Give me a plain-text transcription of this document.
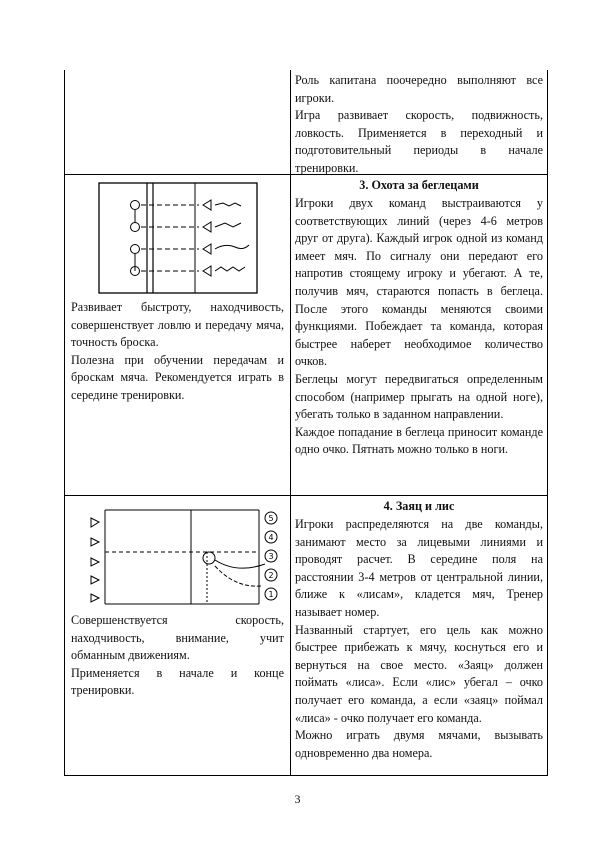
Роль капитана поочередно выполняют все игроки.

Игра развивает скорость, подвижность, ловкость. Применяется в переходный и подготовительный периоды в начале тренировки.

Развивает быстроту, находчивость, совершенствует ловлю и передачу мяча, точность броска.

Полезна при обучении передачам и броскам мяча. Рекомендуется играть в середине тренировки.

3. Охота за беглецами

Игроки двух команд выстраиваются у соответствующих линий (через 4-6 метров друг от друга). Каждый игрок одной из команд имеет мяч. По сигналу они передают его напротив стоящему игроку и убегают. А те, получив мяч, стараются попасть в беглеца. После этого команды меняются своими функциями. Побеждает та команда, которая быстрее наберет необходимое количество очков.

Беглецы могут передвигаться определенным способом (например прыгать на одной ноге), убегать только в заданном направлении.

Каждое попадание в беглеца приносит команде одно очко. Пятнать можно только в ноги.

5
4
3
2
1

Совершенствуется скорость, находчивость, внимание, учит обманным движениям.

Применяется в начале и конце тренировки.

4. Заяц и лис

Игроки распределяются на две команды, занимают место за лицевыми линиями и проводят расчет. В середине поля на расстоянии 3-4 метров от центральной линии, ближе к «лисам», кладется мяч, Тренер называет номер.

Названный стартует, его цель как можно быстрее прибежать к мячу, коснуться его и вернуться на свое место. «Заяц» должен поймать «лиса». Если «лис» убегал – очко получает его команда, а если «заяц» поймал «лиса» - очко получает его команда.

Можно играть двумя мячами, вызывать одновременно два номера.

3
